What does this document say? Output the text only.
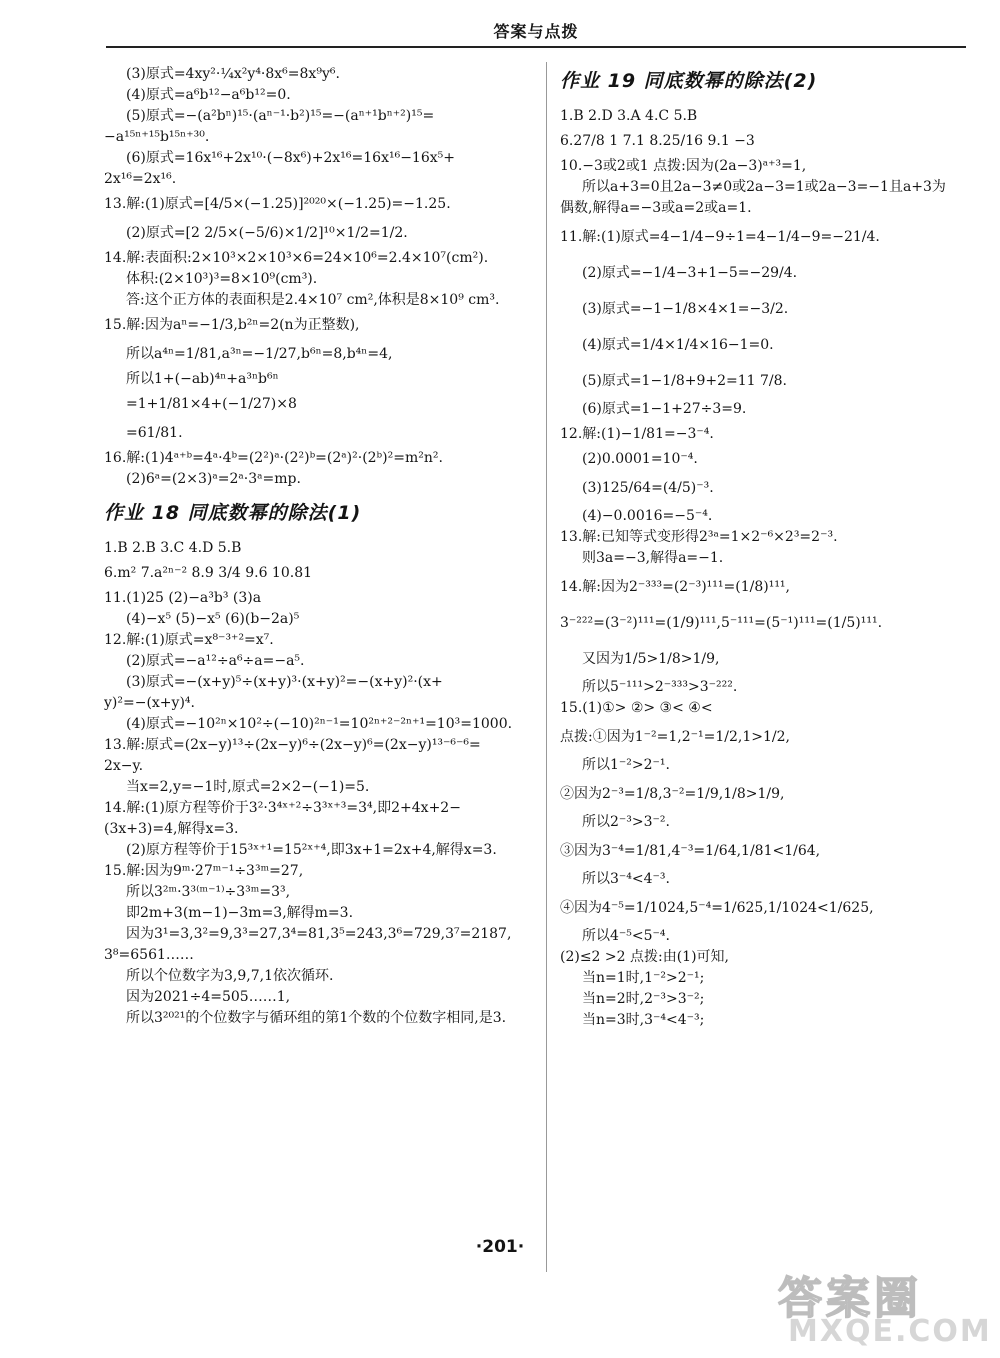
答案与点拨
(3)原式=4xy²·¼x²y⁴·8x⁶=8x⁹y⁶.
(4)原式=a⁶b¹²−a⁶b¹²=0.
(5)原式=−(a²bⁿ)¹⁵·(aⁿ⁻¹·b²)¹⁵=−(aⁿ⁺¹bⁿ⁺²)¹⁵=
−a¹⁵ⁿ⁺¹⁵b¹⁵ⁿ⁺³⁰.
(6)原式=16x¹⁶+2x¹⁰·(−8x⁶)+2x¹⁶=16x¹⁶−16x⁵+
2x¹⁶=2x¹⁶.
13.解:(1)原式=[4/5×(−1.25)]²⁰²⁰×(−1.25)=−1.25.
(2)原式=[2 2/5×(−5/6)×1/2]¹⁰×1/2=1/2.
14.解:表面积:2×10³×2×10³×6=24×10⁶=2.4×10⁷(cm²).
体积:(2×10³)³=8×10⁹(cm³).
答:这个正方体的表面积是2.4×10⁷ cm²,体积是8×10⁹ cm³.
15.解:因为aⁿ=−1/3,b²ⁿ=2(n为正整数),
所以a⁴ⁿ=1/81,a³ⁿ=−1/27,b⁶ⁿ=8,b⁴ⁿ=4,
所以1+(−ab)⁴ⁿ+a³ⁿb⁶ⁿ
=1+1/81×4+(−1/27)×8
=61/81.
16.解:(1)4ᵃ⁺ᵇ=4ᵃ·4ᵇ=(2²)ᵃ·(2²)ᵇ=(2ᵃ)²·(2ᵇ)²=m²n².
(2)6ᵃ=(2×3)ᵃ=2ᵃ·3ᵃ=mp.
作业 18 同底数幂的除法(1)
1.B 2.B 3.C 4.D 5.B
6.m² 7.a²ⁿ⁻² 8.9 3/4 9.6 10.81
11.(1)25 (2)−a³b³ (3)a
(4)−x⁵ (5)−x⁵ (6)(b−2a)⁵
12.解:(1)原式=x⁸⁻³⁺²=x⁷.
(2)原式=−a¹²÷a⁶÷a=−a⁵.
(3)原式=−(x+y)⁵÷(x+y)³·(x+y)²=−(x+y)²·(x+
y)²=−(x+y)⁴.
(4)原式=−10²ⁿ×10²÷(−10)²ⁿ⁻¹=10²ⁿ⁺²⁻²ⁿ⁺¹=10³=1000.
13.解:原式=(2x−y)¹³÷(2x−y)⁶÷(2x−y)⁶=(2x−y)¹³⁻⁶⁻⁶=
2x−y.
当x=2,y=−1时,原式=2×2−(−1)=5.
14.解:(1)原方程等价于3²·3⁴ˣ⁺²÷3³ˣ⁺³=3⁴,即2+4x+2−
(3x+3)=4,解得x=3.
(2)原方程等价于15³ˣ⁺¹=15²ˣ⁺⁴,即3x+1=2x+4,解得x=3.
15.解:因为9ᵐ·27ᵐ⁻¹÷3³ᵐ=27,
所以3²ᵐ·3³⁽ᵐ⁻¹⁾÷3³ᵐ=3³,
即2m+3(m−1)−3m=3,解得m=3.
因为3¹=3,3²=9,3³=27,3⁴=81,3⁵=243,3⁶=729,3⁷=2187,
3⁸=6561……
所以个位数字为3,9,7,1依次循环.
因为2021÷4=505……1,
所以3²⁰²¹的个位数字与循环组的第1个数的个位数字相同,是3.
作业 19 同底数幂的除法(2)
1.B 2.D 3.A 4.C 5.B
6.27/8 1 7.1 8.25/16 9.1 −3
10.−3或2或1 点拨:因为(2a−3)ᵃ⁺³=1,
所以a+3=0且2a−3≠0或2a−3=1或2a−3=−1且a+3为
偶数,解得a=−3或a=2或a=1.
11.解:(1)原式=4−1/4−9÷1=4−1/4−9=−21/4.
(2)原式=−1/4−3+1−5=−29/4.
(3)原式=−1−1/8×4×1=−3/2.
(4)原式=1/4×1/4×16−1=0.
(5)原式=1−1/8+9+2=11 7/8.
(6)原式=1−1+27÷3=9.
12.解:(1)−1/81=−3⁻⁴.
(2)0.0001=10⁻⁴.
(3)125/64=(4/5)⁻³.
(4)−0.0016=−5⁻⁴.
13.解:已知等式变形得2³ᵃ=1×2⁻⁶×2³=2⁻³.
则3a=−3,解得a=−1.
14.解:因为2⁻³³³=(2⁻³)¹¹¹=(1/8)¹¹¹,
3⁻²²²=(3⁻²)¹¹¹=(1/9)¹¹¹,5⁻¹¹¹=(5⁻¹)¹¹¹=(1/5)¹¹¹.
又因为1/5>1/8>1/9,
所以5⁻¹¹¹>2⁻³³³>3⁻²²².
15.(1)①> ②> ③< ④<
点拨:①因为1⁻²=1,2⁻¹=1/2,1>1/2,
所以1⁻²>2⁻¹.
②因为2⁻³=1/8,3⁻²=1/9,1/8>1/9,
所以2⁻³>3⁻².
③因为3⁻⁴=1/81,4⁻³=1/64,1/81<1/64,
所以3⁻⁴<4⁻³.
④因为4⁻⁵=1/1024,5⁻⁴=1/625,1/1024<1/625,
所以4⁻⁵<5⁻⁴.
(2)≤2 >2 点拨:由(1)可知,
当n=1时,1⁻²>2⁻¹;
当n=2时,2⁻³>3⁻²;
当n=3时,3⁻⁴<4⁻³;
·201·
答案圈
MXQE.COM
